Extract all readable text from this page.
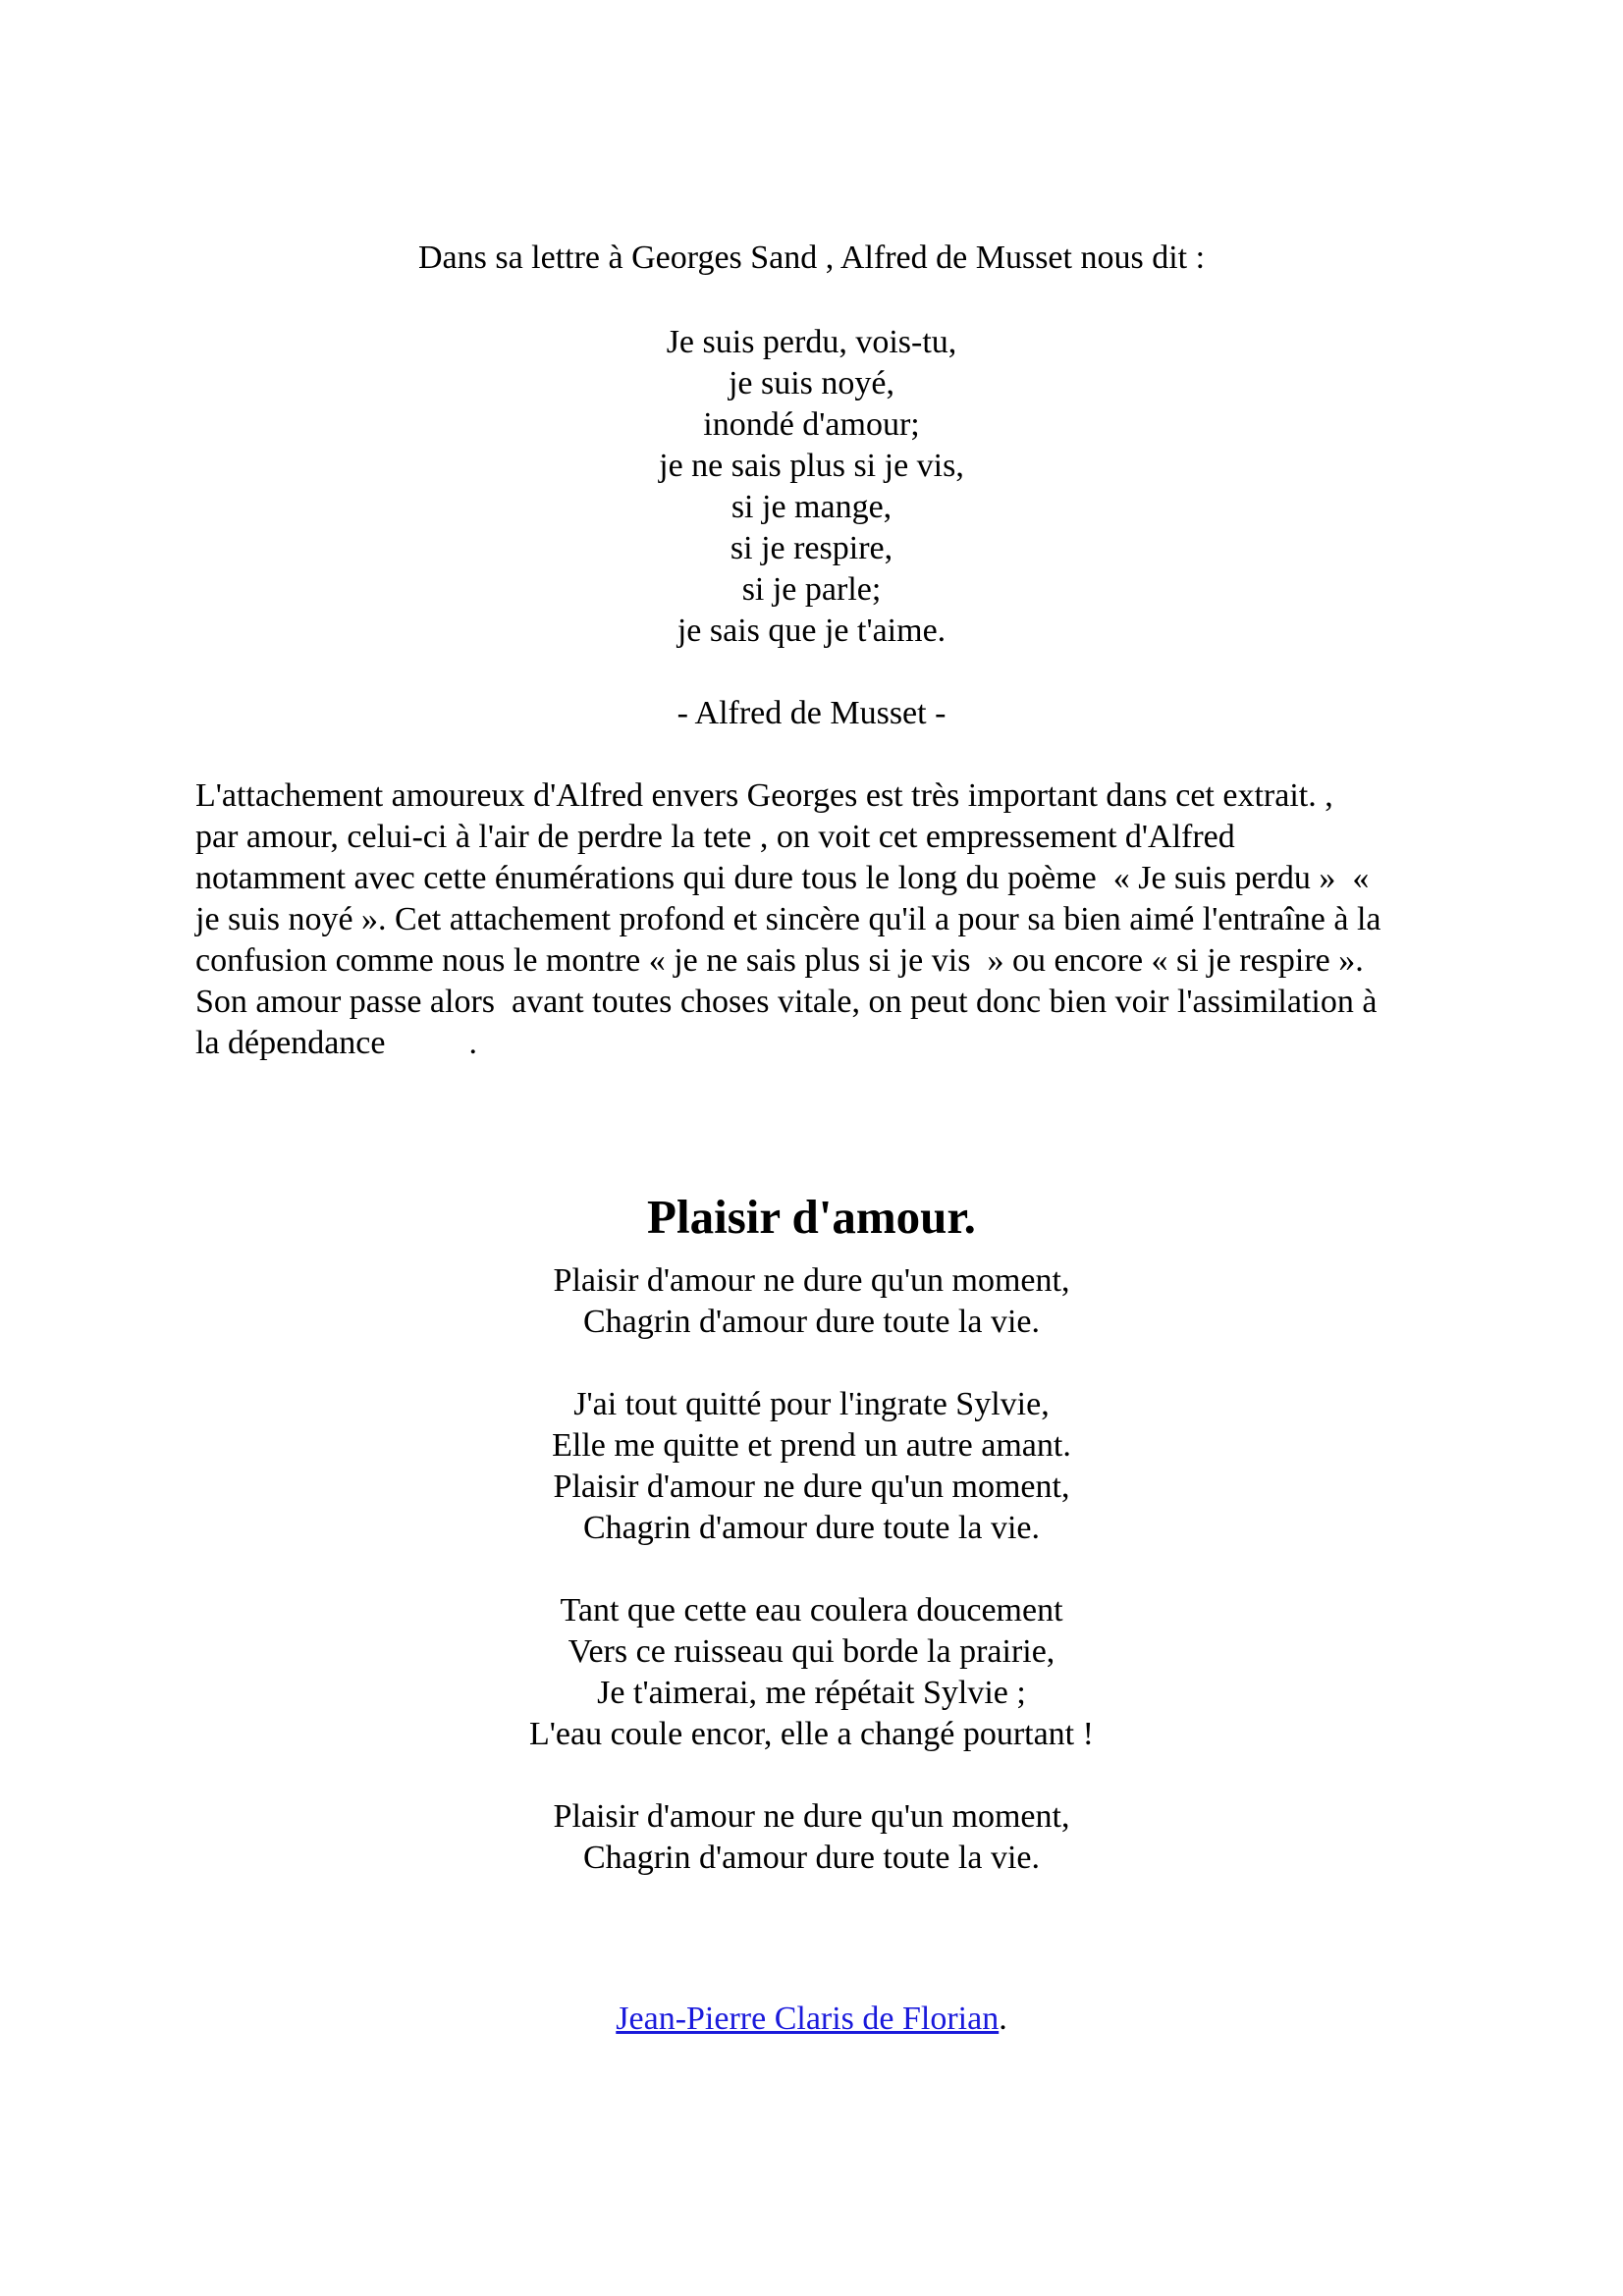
Dans sa lettre à Georges Sand , Alfred de Musset nous dit :

Je suis perdu, vois-tu,
je suis noyé,
inondé d'amour;
je ne sais plus si je vis,
si je mange,
si je respire,
si je parle;
je sais que je t'aime.

- Alfred de Musset -

L'attachement amoureux d'Alfred envers Georges est très important dans cet extrait. ,
par amour, celui-ci à l'air de perdre la tete , on voit cet empressement d'Alfred
notamment avec cette énumérations qui dure tous le long du poème  « Je suis perdu »  «
je suis noyé ». Cet attachement profond et sincère qu'il a pour sa bien aimé l'entraîne à la
confusion comme nous le montre « je ne sais plus si je vis  » ou encore « si je respire ».
Son amour passe alors  avant toutes choses vitale, on peut donc bien voir l'assimilation à
la dépendance          .
Plaisir d'amour.
Plaisir d'amour ne dure qu'un moment,
Chagrin d'amour dure toute la vie.
J'ai tout quitté pour l'ingrate Sylvie,
Elle me quitte et prend un autre amant.
Plaisir d'amour ne dure qu'un moment,
Chagrin d'amour dure toute la vie.
Tant que cette eau coulera doucement
Vers ce ruisseau qui borde la prairie,
Je t'aimerai, me répétait Sylvie ;
L'eau coule encor, elle a changé pourtant !
Plaisir d'amour ne dure qu'un moment,
Chagrin d'amour dure toute la vie.

Jean-Pierre Claris de Florian.
